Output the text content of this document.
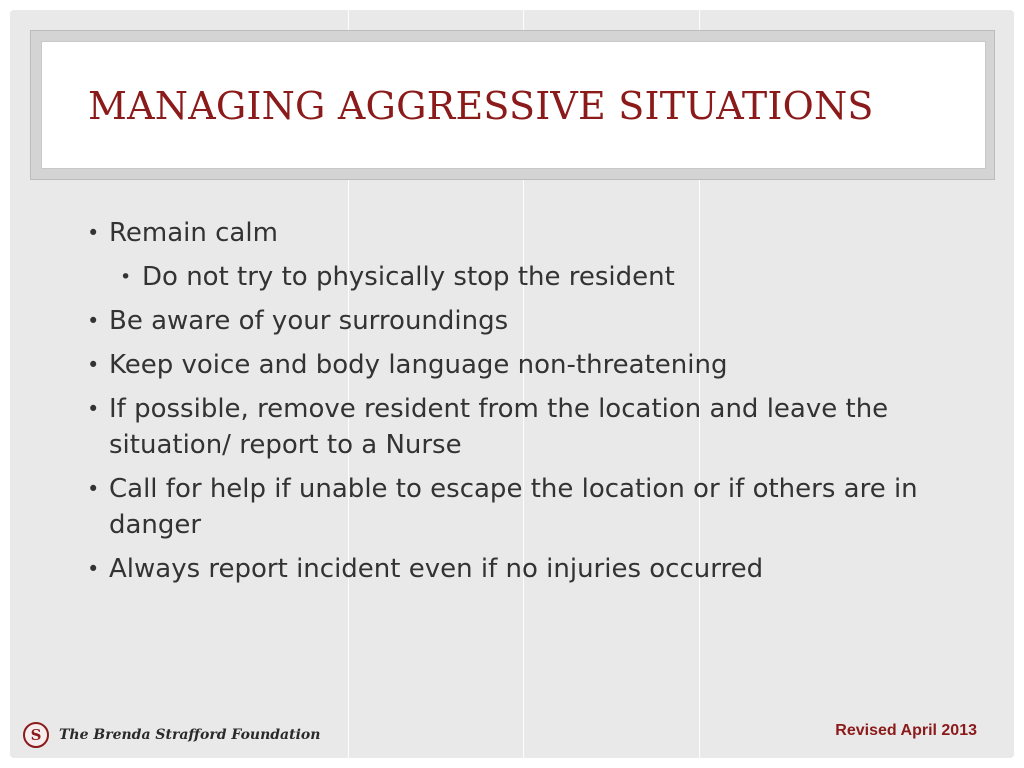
MANAGING AGGRESSIVE SITUATIONS
• Remain calm
• Do not try to physically stop the resident
• Be aware of your surroundings
• Keep voice and body language non-threatening
• If possible, remove resident from the location and leave the situation/ report to a Nurse
• Call for help if unable to escape the location or if others are in danger
• Always report incident even if no injuries occurred
S The Brenda Strafford Foundation	Revised April 2013
